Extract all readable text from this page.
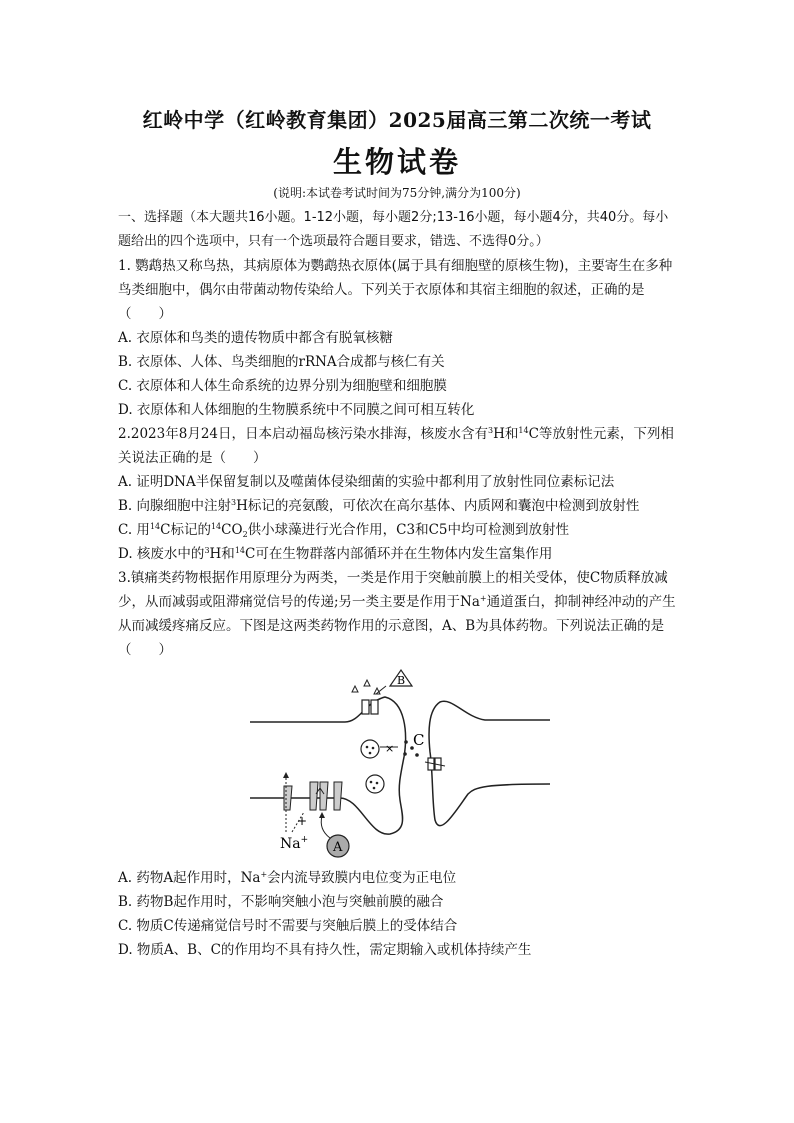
红岭中学（红岭教育集团）2025届高三第二次统一考试
生物试卷
(说明:本试卷考试时间为75分钟,满分为100分)

一、选择题（本大题共16小题。1-12小题，每小题2分;13-16小题，每小题4分，共40分。每小题给出的四个选项中，只有一个选项最符合题目要求，错选、不选得0分。）

1. 鹦鹉热又称鸟热，其病原体为鹦鹉热衣原体(属于具有细胞壁的原核生物)，主要寄生在多种鸟类细胞中，偶尔由带菌动物传染给人。下列关于衣原体和其宿主细胞的叙述，正确的是（　　）

A. 衣原体和鸟类的遗传物质中都含有脱氧核糖

B. 衣原体、人体、鸟类细胞的rRNA合成都与核仁有关

C. 衣原体和人体生命系统的边界分别为细胞壁和细胞膜

D. 衣原体和人体细胞的生物膜系统中不同膜之间可相互转化

2.2023年8月24日，日本启动福岛核污染水排海，核废水含有$^3$H和$^{14}$C等放射性元素，下列相关说法正确的是（　　）

A. 证明DNA半保留复制以及噬菌体侵染细菌的实验中都利用了放射性同位素标记法

B. 向腺细胞中注射$^3$H标记的亮氨酸，可依次在高尔基体、内质网和囊泡中检测到放射性

C. 用$^{14}$C标记的$^{14}CO_2$供小球藻进行光合作用，C3和C5中均可检测到放射性

D. 核废水中的$^3$H和$^{14}$C可在生物群落内部循环并在生物体内发生富集作用

3.镇痛类药物根据作用原理分为两类，一类是作用于突触前膜上的相关受体，使C物质释放减少，从而减弱或阻滞痛觉信号的传递;另一类主要是作用于Na+通道蛋白，抑制神经冲动的产生从而减缓疼痛反应。下图是这两类药物作用的示意图，A、B为具体药物。下列说法正确的是（　　）

B
× C
+
Na+ A

A. 药物A起作用时，Na+会内流导致膜内电位变为正电位

B. 药物B起作用时，不影响突触小泡与突触前膜的融合

C. 物质C传递痛觉信号时不需要与突触后膜上的受体结合

D. 物质A、B、C的作用均不具有持久性，需定期输入或机体持续产生
